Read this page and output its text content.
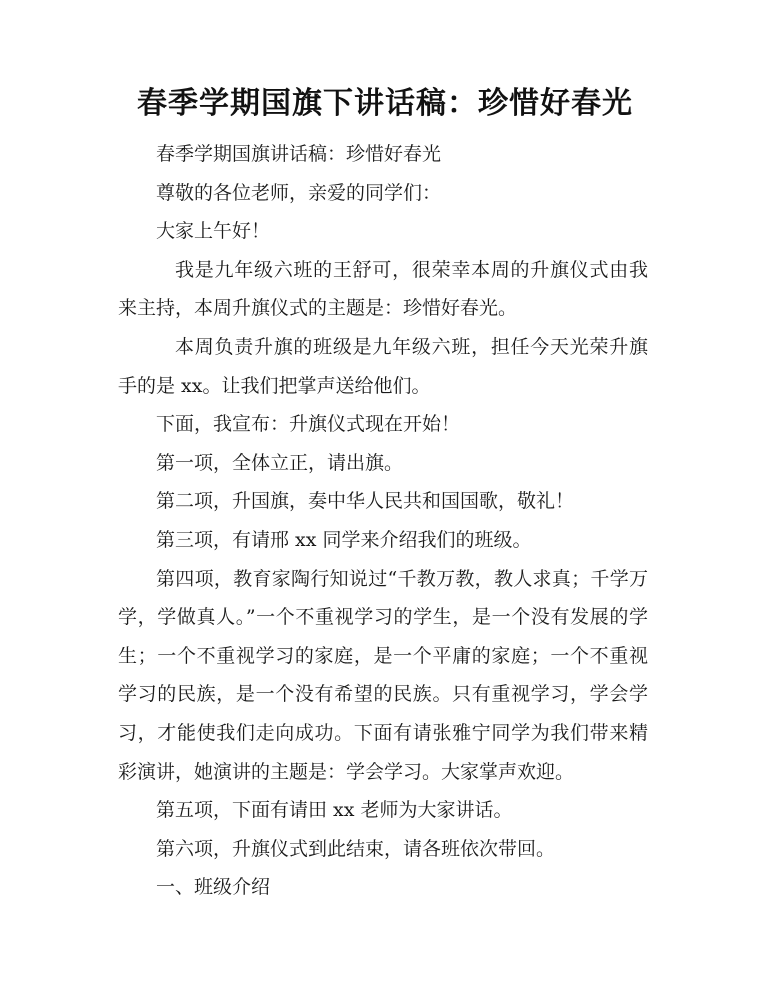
春季学期国旗下讲话稿：珍惜好春光

春季学期国旗讲话稿：珍惜好春光

尊敬的各位老师，亲爱的同学们：

大家上午好！

我是九年级六班的王舒可，很荣幸本周的升旗仪式由我来主持，本周升旗仪式的主题是：珍惜好春光。

本周负责升旗的班级是九年级六班，担任今天光荣升旗手的是 xx。让我们把掌声送给他们。

下面，我宣布：升旗仪式现在开始！

第一项，全体立正，请出旗。

第二项，升国旗，奏中华人民共和国国歌，敬礼！

第三项，有请邢 xx 同学来介绍我们的班级。

第四项，教育家陶行知说过“千教万教，教人求真；千学万学，学做真人。”一个不重视学习的学生，是一个没有发展的学生；一个不重视学习的家庭，是一个平庸的家庭；一个不重视学习的民族，是一个没有希望的民族。只有重视学习，学会学习，才能使我们走向成功。下面有请张雅宁同学为我们带来精彩演讲，她演讲的主题是：学会学习。大家掌声欢迎。

第五项，下面有请田 xx 老师为大家讲话。

第六项，升旗仪式到此结束，请各班依次带回。

一、班级介绍
